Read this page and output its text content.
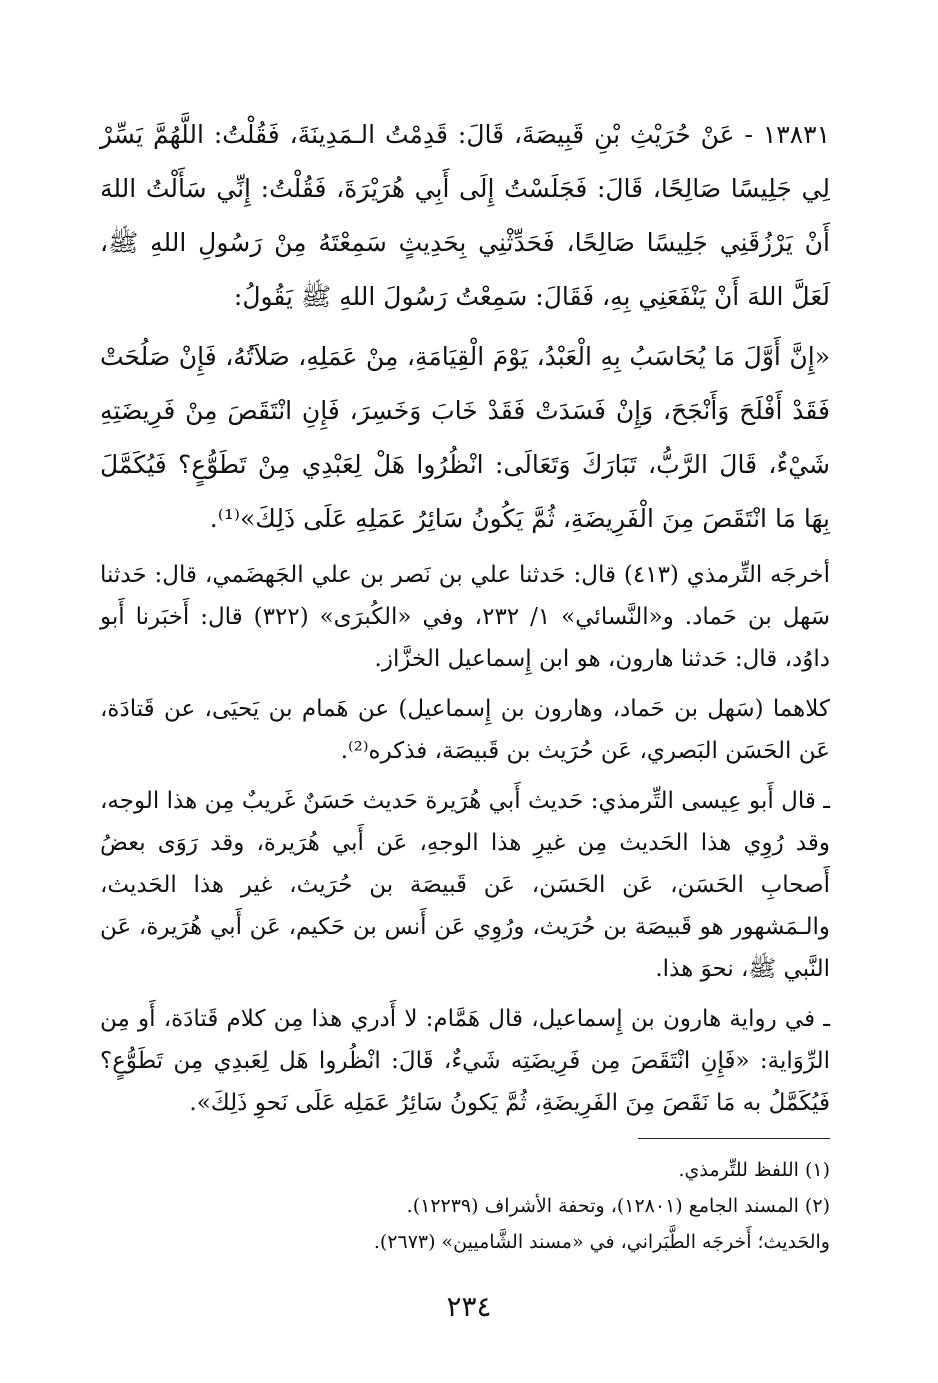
١٣٨٣١ - عَنْ حُرَيْثِ بْنِ قَبِيصَةَ، قَالَ: قَدِمْتُ الـمَدِينَةَ، فَقُلْتُ: اللَّهُمَّ يَسِّرْ لِي جَلِيسًا صَالِحًا، قَالَ: فَجَلَسْتُ إِلَى أَبِي هُرَيْرَةَ، فَقُلْتُ: إِنِّي سَأَلْتُ اللهَ أَنْ يَرْزُقَنِي جَلِيسًا صَالِحًا، فَحَدِّثْنِي بِحَدِيثٍ سَمِعْتَهُ مِنْ رَسُولِ اللهِ ﷺ، لَعَلَّ اللهَ أَنْ يَنْفَعَنِي بِهِ، فَقَالَ: سَمِعْتُ رَسُولَ اللهِ ﷺ يَقُولُ:

«إِنَّ أَوَّلَ مَا يُحَاسَبُ بِهِ الْعَبْدُ، يَوْمَ الْقِيَامَةِ، مِنْ عَمَلِهِ، صَلاَتُهُ، فَإِنْ صَلُحَتْ فَقَدْ أَفْلَحَ وَأَنْجَحَ، وَإِنْ فَسَدَتْ فَقَدْ خَابَ وَخَسِرَ، فَإِنِ انْتَقَصَ مِنْ فَرِيضَتِهِ شَيْءٌ، قَالَ الرَّبُّ، تَبَارَكَ وَتَعَالَى: انْظُرُوا هَلْ لِعَبْدِي مِنْ تَطَوُّعٍ؟ فَيُكَمَّلَ بِهَا مَا انْتَقَصَ مِنَ الْفَرِيضَةِ، ثُمَّ يَكُونُ سَائِرُ عَمَلِهِ عَلَى ذَلِكَ»⁽¹⁾.

أخرجَه التِّرمذي (٤١٣) قال: حَدثنا علي بن نَصر بن علي الجَهضَمي، قال: حَدثنا سَهل بن حَماد. و«النَّسائي» ١/ ٢٣٢، وفي «الكُبرَى» (٣٢٢) قال: أَخبَرنا أَبو داوُد، قال: حَدثنا هارون، هو ابن إِسماعيل الخزَّاز.

كلاهما (سَهل بن حَماد، وهارون بن إِسماعيل) عن هَمام بن يَحيَى، عن قَتادَة، عَن الحَسَن البَصري، عَن حُرَيث بن قَبيصَة، فذكره⁽²⁾.

ـ قال أَبو عِيسى التِّرمذي: حَديث أَبي هُرَيرة حَديث حَسَنٌ غَريبٌ مِن هذا الوجه، وقد رُوِي هذا الحَديث مِن غيرِ هذا الوجهِ، عَن أَبي هُرَيرة، وقد رَوَى بعضُ أَصحابِ الحَسَن، عَن الحَسَن، عَن قَبيصَة بن حُرَيث، غير هذا الحَديث، والـمَشهور هو قَبيصَة بن حُرَيث، ورُوِي عَن أَنس بن حَكيم، عَن أَبي هُرَيرة، عَن النَّبي ﷺ، نحوَ هذا.

ـ في رواية هارون بن إِسماعيل، قال هَمَّام: لا أَدري هذا مِن كلام قَتادَة، أَو مِن الرِّوَاية: «فَإِنِ انْتَقَصَ مِن فَرِيضَتِه شَيءٌ، قَالَ: انْظُروا هَل لِعَبدِي مِن تَطَوُّعٍ؟ فَيُكَمَّلُ به مَا نَقَصَ مِنَ الفَرِيضَةِ، ثُمَّ يَكونُ سَائِرُ عَمَلِه عَلَى نَحوِ ذَلِكَ».

(١) اللفظ للتِّرمذي.

(٢) المسند الجامع (١٢٨٠١)، وتحفة الأشراف (١٢٢٣٩).

والحَديث؛ أَخرجَه الطَّبَراني، في «مسند الشَّاميين» (٢٦٧٣).

٢٣٤
